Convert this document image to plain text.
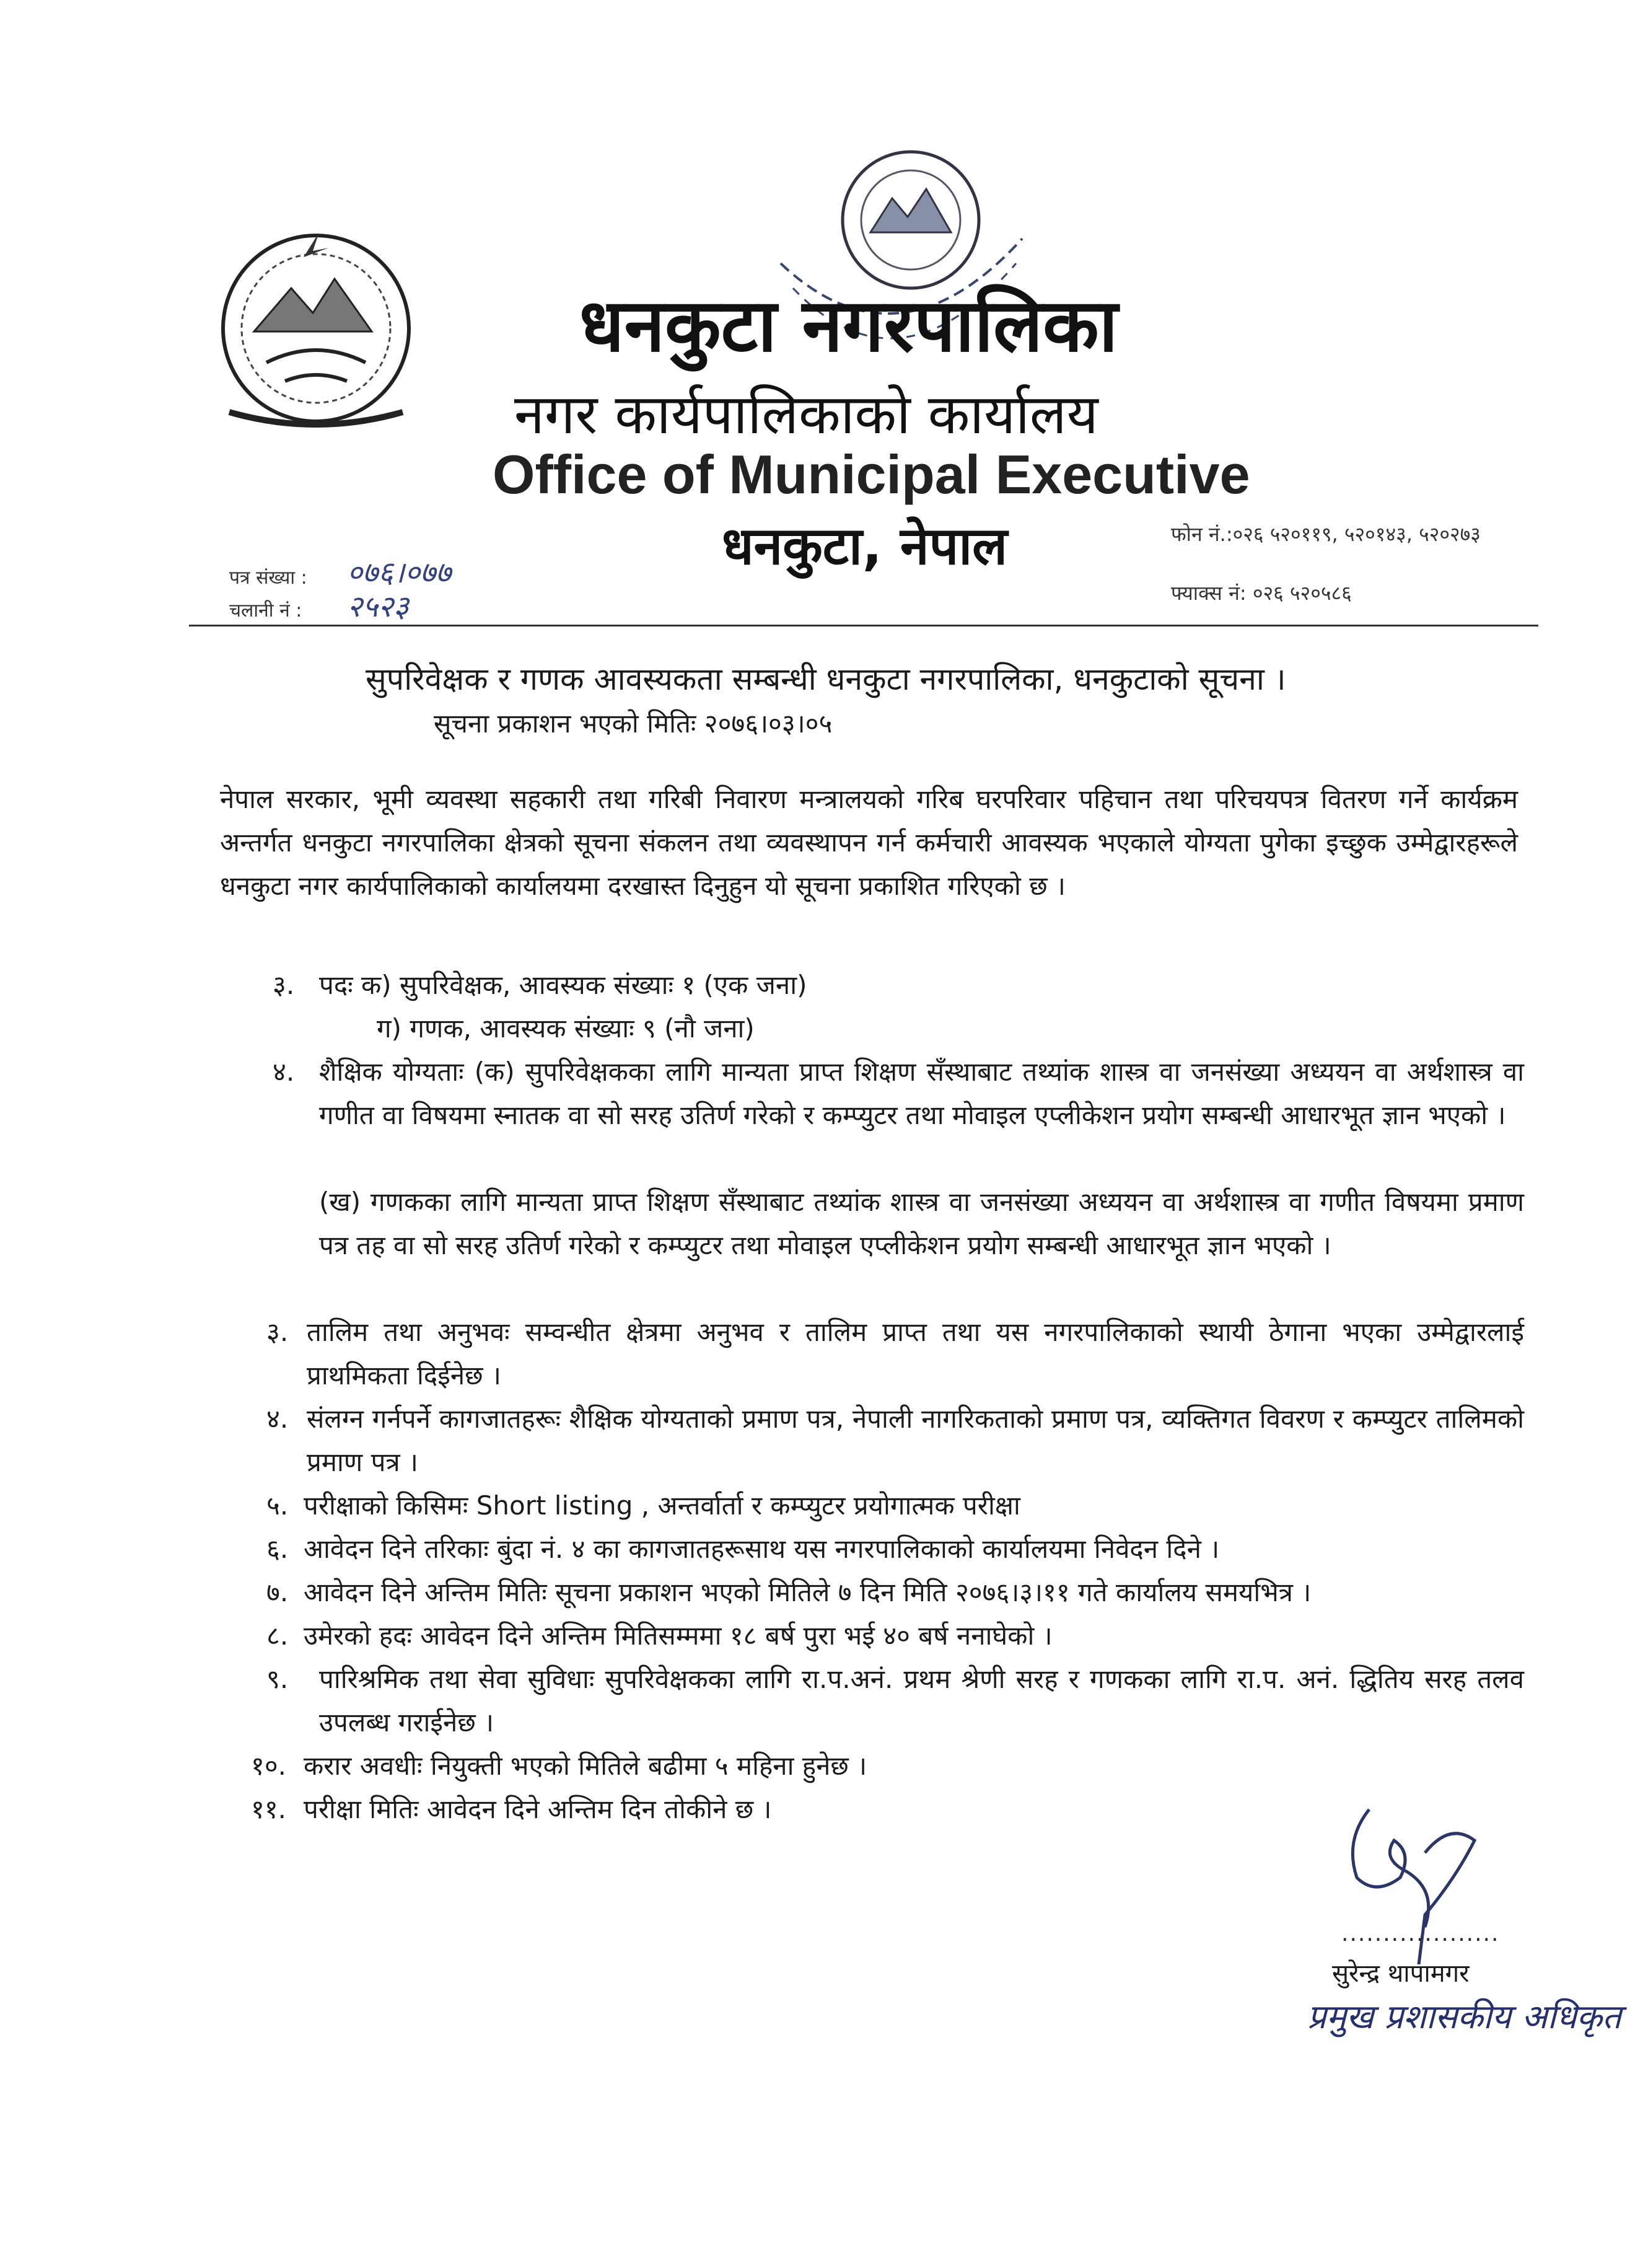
धनकुटा नगरपालिका
नगर कार्यपालिकाको कार्यालय
Office of Municipal Executive
धनकुटा, नेपाल	फोन नं.:०२६ ५२०११९, ५२०१४३, ५२०२७३
फ्याक्स नं: ०२६ ५२०५८६
पत्र संख्या : ०७६।०७७
चलानी नं : २५२३
सुपरिवेक्षक र गणक आवस्यकता सम्बन्धी धनकुटा नगरपालिका, धनकुटाको सूचना ।
सूचना प्रकाशन भएको मितिः २०७६।०३।०५
नेपाल सरकार, भूमी व्यवस्था सहकारी तथा गरिबी निवारण मन्त्रालयको गरिब घरपरिवार पहिचान तथा परिचयपत्र वितरण गर्ने कार्यक्रम अन्तर्गत धनकुटा नगरपालिका क्षेत्रको सूचना संकलन तथा व्यवस्थापन गर्न कर्मचारी आवस्यक भएकाले योग्यता पुगेका इच्छुक उम्मेद्वारहरूले धनकुटा नगर कार्यपालिकाको कार्यालयमा दरखास्त दिनुहुन यो सूचना प्रकाशित गरिएको छ ।
३. पदः क) सुपरिवेक्षक, आवस्यक संख्याः १ (एक जना)
ग) गणक, आवस्यक संख्याः ९ (नौ जना)
४. शैक्षिक योग्यताः (क) सुपरिवेक्षकका लागि मान्यता प्राप्त शिक्षण सँस्थाबाट तथ्यांक शास्त्र वा जनसंख्या अध्ययन वा अर्थशास्त्र वा गणीत वा विषयमा स्नातक वा सो सरह उतिर्ण गरेको र कम्प्युटर तथा मोवाइल एप्लीकेशन प्रयोग सम्बन्धी आधारभूत ज्ञान भएको ।
(ख) गणकका लागि मान्यता प्राप्त शिक्षण सँस्थाबाट तथ्यांक शास्त्र वा जनसंख्या अध्ययन वा अर्थशास्त्र वा गणीत विषयमा प्रमाण पत्र तह वा सो सरह उतिर्ण गरेको र कम्प्युटर तथा मोवाइल एप्लीकेशन प्रयोग सम्बन्धी आधारभूत ज्ञान भएको ।
३. तालिम तथा अनुभवः सम्वन्धीत क्षेत्रमा अनुभव र तालिम प्राप्त तथा यस नगरपालिकाको स्थायी ठेगाना भएका उम्मेद्वारलाई प्राथमिकता दिईनेछ ।
४. संलग्न गर्नपर्ने कागजातहरूः शैक्षिक योग्यताको प्रमाण पत्र, नेपाली नागरिकताको प्रमाण पत्र, व्यक्तिगत विवरण र कम्प्युटर तालिमको प्रमाण पत्र ।
५. परीक्षाको किसिमः Short listing , अन्तर्वार्ता र कम्प्युटर प्रयोगात्मक परीक्षा
६. आवेदन दिने तरिकाः बुंदा नं. ४ का कागजातहरूसाथ यस नगरपालिकाको कार्यालयमा निवेदन दिने ।
७. आवेदन दिने अन्तिम मितिः सूचना प्रकाशन भएको मितिले ७ दिन मिति २०७६।३।११ गते कार्यालय समयभित्र ।
८. उमेरको हदः आवेदन दिने अन्तिम मितिसम्ममा १८ बर्ष पुरा भई ४० बर्ष ननाघेको ।
९. पारिश्रमिक तथा सेवा सुविधाः सुपरिवेक्षकका लागि रा.प.अनं. प्रथम श्रेणी सरह र गणकका लागि रा.प. अनं. द्धितिय सरह तलव उपलब्ध गराईनेछ ।
१०. करार अवधीः नियुक्ती भएको मितिले बढीमा ५ महिना हुनेछ ।
११. परीक्षा मितिः आवेदन दिने अन्तिम दिन तोकीने छ ।
...................
सुरेन्द्र थापामगर
प्रमुख प्रशासकीय अधिकृत
